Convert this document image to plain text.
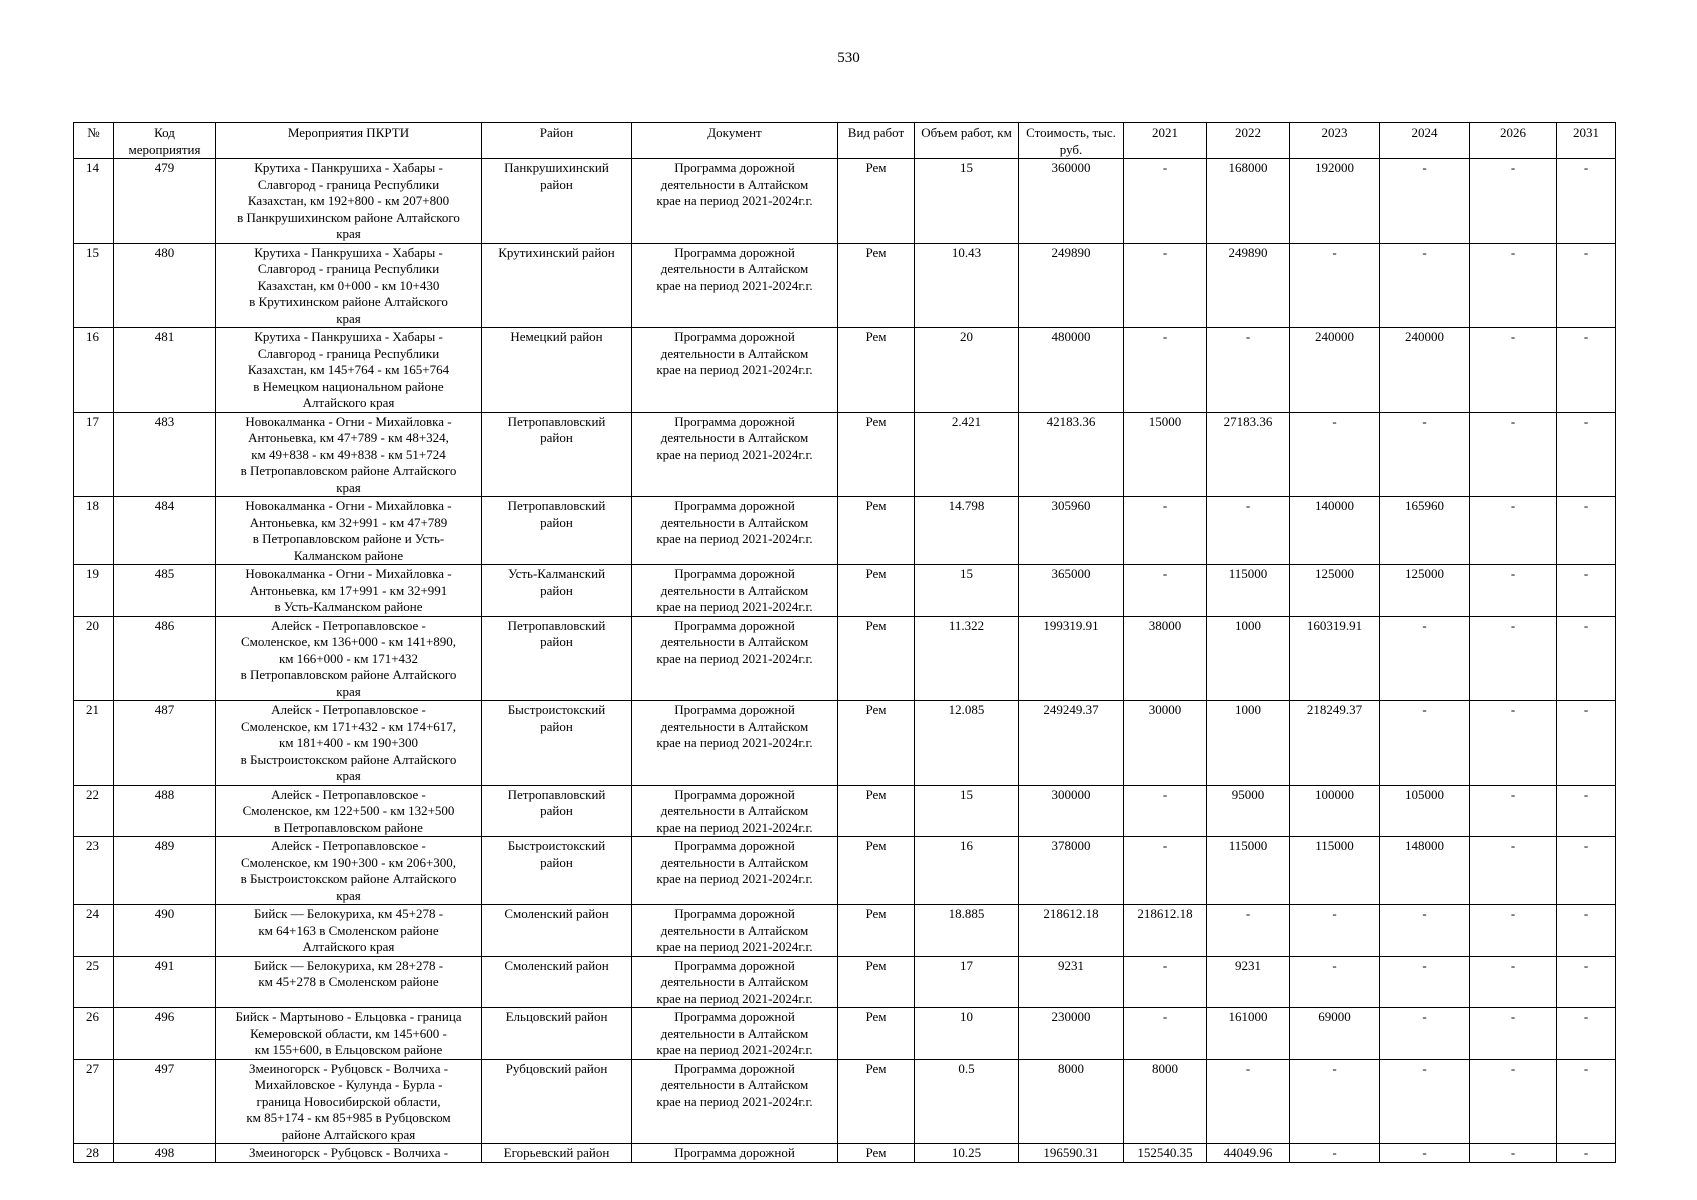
530
№	Код мероприятия	Мероприятия ПКРТИ	Район	Документ	Вид работ	Объем работ, км	Стоимость, тыс. руб.	2021	2022	2023	2024	2026	2031
14	479	Крутиха - Панкрушиха - Хабары -
Славгород - граница Республики
Казахстан, км 192+800 - км 207+800
в Панкрушихинском районе Алтайского
края	Панкрушихинский
район	Программа дорожной
деятельности в Алтайском
крае на период 2021-2024г.г.	Рем	15	360000	-	168000	192000	-	-	-
15	480	Крутиха - Панкрушиха - Хабары -
Славгород - граница Республики
Казахстан, км 0+000 - км 10+430
в Крутихинском районе Алтайского
края	Крутихинский район	Программа дорожной
деятельности в Алтайском
крае на период 2021-2024г.г.	Рем	10.43	249890	-	249890	-	-	-	-
16	481	Крутиха - Панкрушиха - Хабары -
Славгород - граница Республики
Казахстан, км 145+764 - км 165+764
в Немецком национальном районе
Алтайского края	Немецкий район	Программа дорожной
деятельности в Алтайском
крае на период 2021-2024г.г.	Рем	20	480000	-	-	240000	240000	-	-
17	483	Новокалманка - Огни - Михайловка -
Антоньевка, км 47+789 - км 48+324,
км 49+838 - км 49+838 - км 51+724
в Петропавловском районе Алтайского
края	Петропавловский
район	Программа дорожной
деятельности в Алтайском
крае на период 2021-2024г.г.	Рем	2.421	42183.36	15000	27183.36	-	-	-	-
18	484	Новокалманка - Огни - Михайловка -
Антоньевка, км 32+991 - км 47+789
в Петропавловском районе и Усть-
Калманском районе	Петропавловский
район	Программа дорожной
деятельности в Алтайском
крае на период 2021-2024г.г.	Рем	14.798	305960	-	-	140000	165960	-	-
19	485	Новокалманка - Огни - Михайловка -
Антоньевка, км 17+991 - км 32+991
в Усть-Калманском районе	Усть-Калманский
район	Программа дорожной
деятельности в Алтайском
крае на период 2021-2024г.г.	Рем	15	365000	-	115000	125000	125000	-	-
20	486	Алейск - Петропавловское -
Смоленское, км 136+000 - км 141+890,
км 166+000 - км 171+432
в Петропавловском районе Алтайского
края	Петропавловский
район	Программа дорожной
деятельности в Алтайском
крае на период 2021-2024г.г.	Рем	11.322	199319.91	38000	1000	160319.91	-	-	-
21	487	Алейск - Петропавловское -
Смоленское, км 171+432 - км 174+617,
км 181+400 - км 190+300
в Быстроистокском районе Алтайского
края	Быстроистокский
район	Программа дорожной
деятельности в Алтайском
крае на период 2021-2024г.г.	Рем	12.085	249249.37	30000	1000	218249.37	-	-	-
22	488	Алейск - Петропавловское -
Смоленское, км 122+500 - км 132+500
в Петропавловском районе	Петропавловский
район	Программа дорожной
деятельности в Алтайском
крае на период 2021-2024г.г.	Рем	15	300000	-	95000	100000	105000	-	-
23	489	Алейск - Петропавловское -
Смоленское, км 190+300 - км 206+300,
в Быстроистокском районе Алтайского
края	Быстроистокский
район	Программа дорожной
деятельности в Алтайском
крае на период 2021-2024г.г.	Рем	16	378000	-	115000	115000	148000	-	-
24	490	Бийск — Белокуриха, км 45+278 -
км 64+163 в Смоленском районе
Алтайского края	Смоленский район	Программа дорожной
деятельности в Алтайском
крае на период 2021-2024г.г.	Рем	18.885	218612.18	218612.18	-	-	-	-	-
25	491	Бийск — Белокуриха, км 28+278 -
км 45+278 в Смоленском районе	Смоленский район	Программа дорожной
деятельности в Алтайском
крае на период 2021-2024г.г.	Рем	17	9231	-	9231	-	-	-	-
26	496	Бийск - Мартыново - Ельцовка - граница
Кемеровской области, км 145+600 -
км 155+600, в Ельцовском районе	Ельцовский район	Программа дорожной
деятельности в Алтайском
крае на период 2021-2024г.г.	Рем	10	230000	-	161000	69000	-	-	-
27	497	Змеиногорск - Рубцовск - Волчиха -
Михайловское - Кулунда - Бурла -
граница Новосибирской области,
км 85+174 - км 85+985 в Рубцовском
районе Алтайского края	Рубцовский район	Программа дорожной
деятельности в Алтайском
крае на период 2021-2024г.г.	Рем	0.5	8000	8000	-	-	-	-	-
28	498	Змеиногорск - Рубцовск - Волчиха -	Егорьевский район	Программа дорожной	Рем	10.25	196590.31	152540.35	44049.96	-	-	-	-
